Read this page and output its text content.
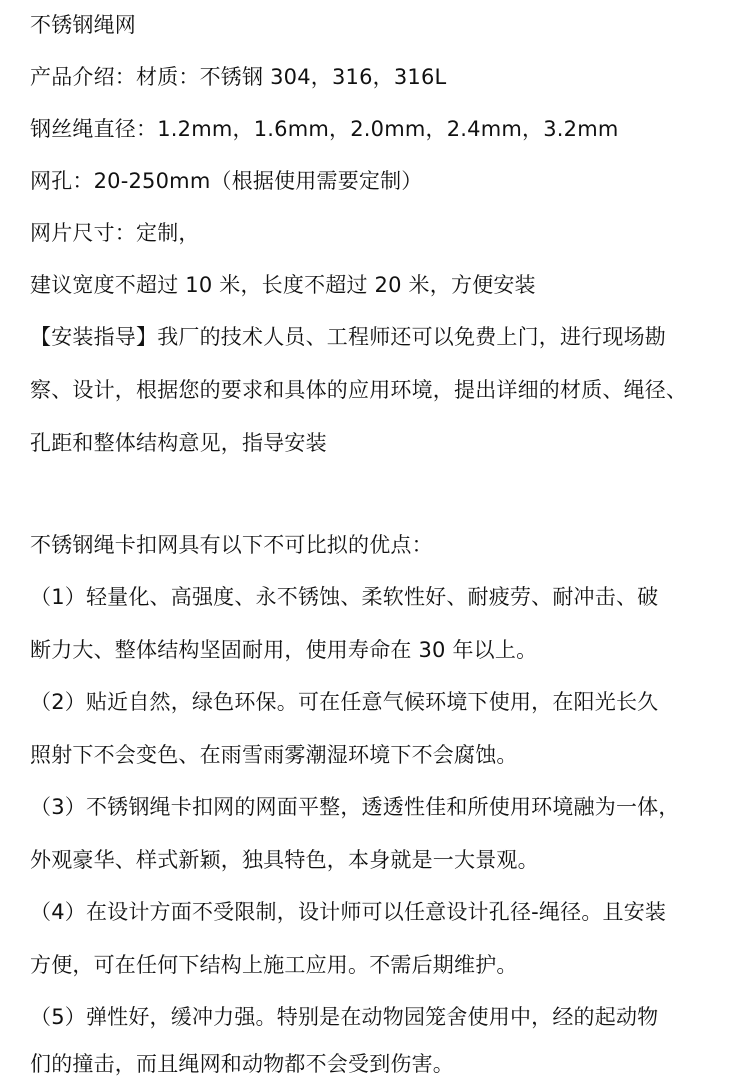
不锈钢绳网
产品介绍：材质：不锈钢 304，316，316L
钢丝绳直径：1.2mm，1.6mm，2.0mm，2.4mm，3.2mm
网孔：20-250mm（根据使用需要定制）
网片尺寸：定制，
建议宽度不超过 10 米，长度不超过 20 米，方便安装
【安装指导】我厂的技术人员、工程师还可以免费上门，进行现场勘
察、设计，根据您的要求和具体的应用环境，提出详细的材质、绳径、
孔距和整体结构意见，指导安装
不锈钢绳卡扣网具有以下不可比拟的优点：
（1）轻量化、高强度、永不锈蚀、柔软性好、耐疲劳、耐冲击、破
断力大、整体结构坚固耐用，使用寿命在 30 年以上。
（2）贴近自然，绿色环保。可在任意气候环境下使用，在阳光长久
照射下不会变色、在雨雪雨雾潮湿环境下不会腐蚀。
（3）不锈钢绳卡扣网的网面平整，透透性佳和所使用环境融为一体，
外观豪华、样式新颖，独具特色，本身就是一大景观。
（4）在设计方面不受限制，设计师可以任意设计孔径-绳径。且安装
方便，可在任何下结构上施工应用。不需后期维护。
（5）弹性好，缓冲力强。特别是在动物园笼舍使用中，经的起动物
们的撞击，而且绳网和动物都不会受到伤害。
